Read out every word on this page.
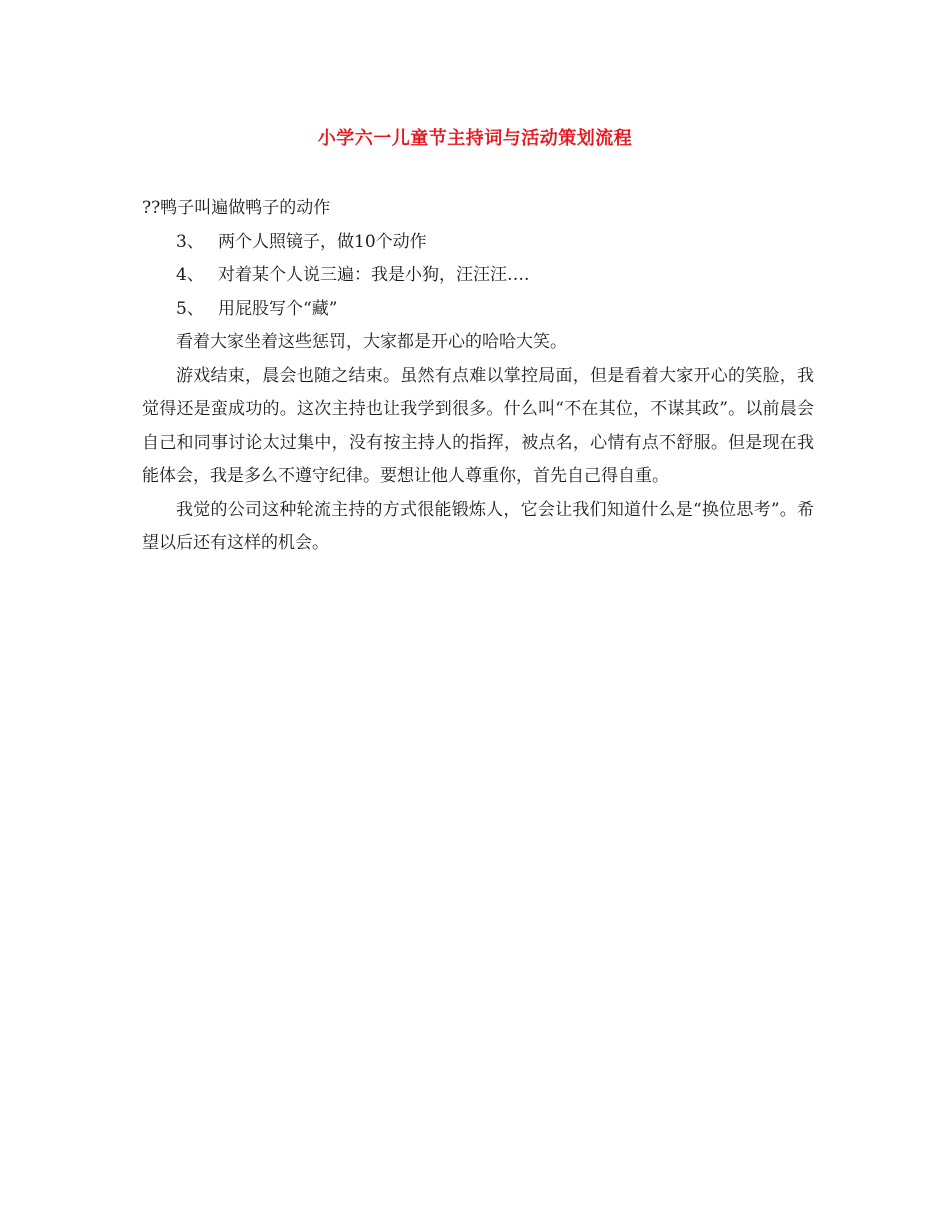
小学六一儿童节主持词与活动策划流程

??鸭子叫遍做鸭子的动作

3、 两个人照镜子，做10个动作

4、 对着某个人说三遍：我是小狗，汪汪汪….

5、 用屁股写个“藏”

看着大家坐着这些惩罚，大家都是开心的哈哈大笑。

游戏结束，晨会也随之结束。虽然有点难以掌控局面，但是看着大家开心的笑脸，我觉得还是蛮成功的。这次主持也让我学到很多。什么叫“不在其位，不谋其政”。以前晨会自己和同事讨论太过集中，没有按主持人的指挥，被点名，心情有点不舒服。但是现在我能体会，我是多么不遵守纪律。要想让他人尊重你，首先自己得自重。

我觉的公司这种轮流主持的方式很能锻炼人，它会让我们知道什么是“换位思考”。希望以后还有这样的机会。
